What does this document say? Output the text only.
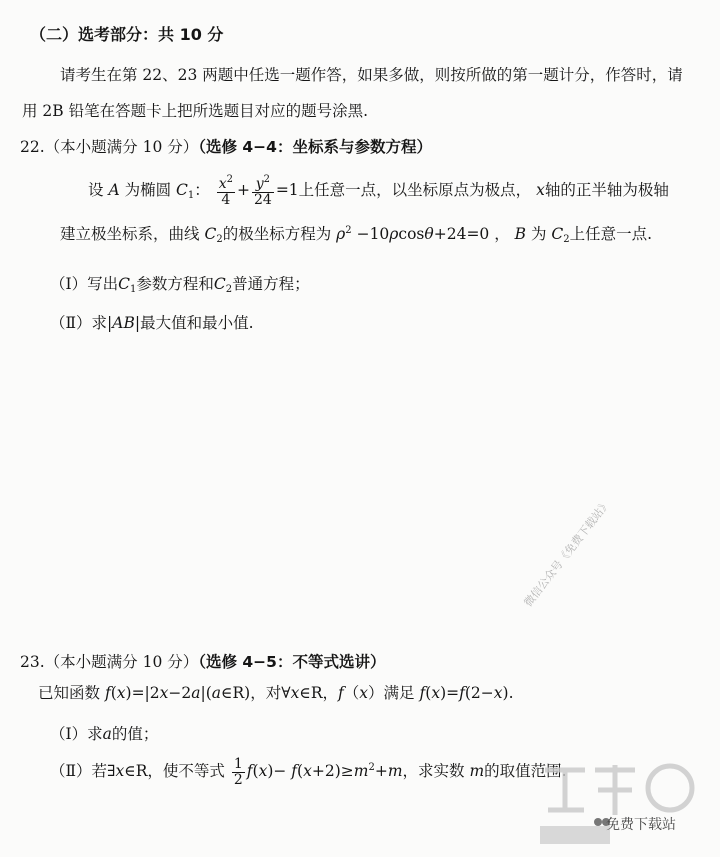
（二）选考部分：共 10 分
请考生在第 22、23 两题中任选一题作答，如果多做，则按所做的第一题计分，作答时，请
用 2B 铅笔在答题卡上把所选题目对应的题号涂黑.
22.（本小题满分 10 分）（选修 4−4：坐标系与参数方程）
设 A 为椭圆 $C_1$： $\frac{x^2}{4} + \frac{y^2}{24} =1$上任意一点，以坐标原点为极点， x轴的正半轴为极轴
建立极坐标系，曲线 $C_2$的极坐标方程为 $\rho^2 -10\rho\cos\theta+24=0$ ， B 为 $C_2$上任意一点.
（Ⅰ）写出$C_1$参数方程和$C_2$普通方程；
（Ⅱ）求|AB|最大值和最小值.
微信公众号《免费下载站》
23.（本小题满分 10 分）（选修 4−5：不等式选讲）
已知函数 f(x)=|2x−2a|(a∈R)，对∀x∈R，f（x）满足 f(x)=f(2−x).
（Ⅰ）求a的值；
（Ⅱ）若∃x∈R，使不等式 $\frac{1}{2} f(x)- f(x+2)\ge m^2+m$，求实数 m的取值范围.
免费下载站
